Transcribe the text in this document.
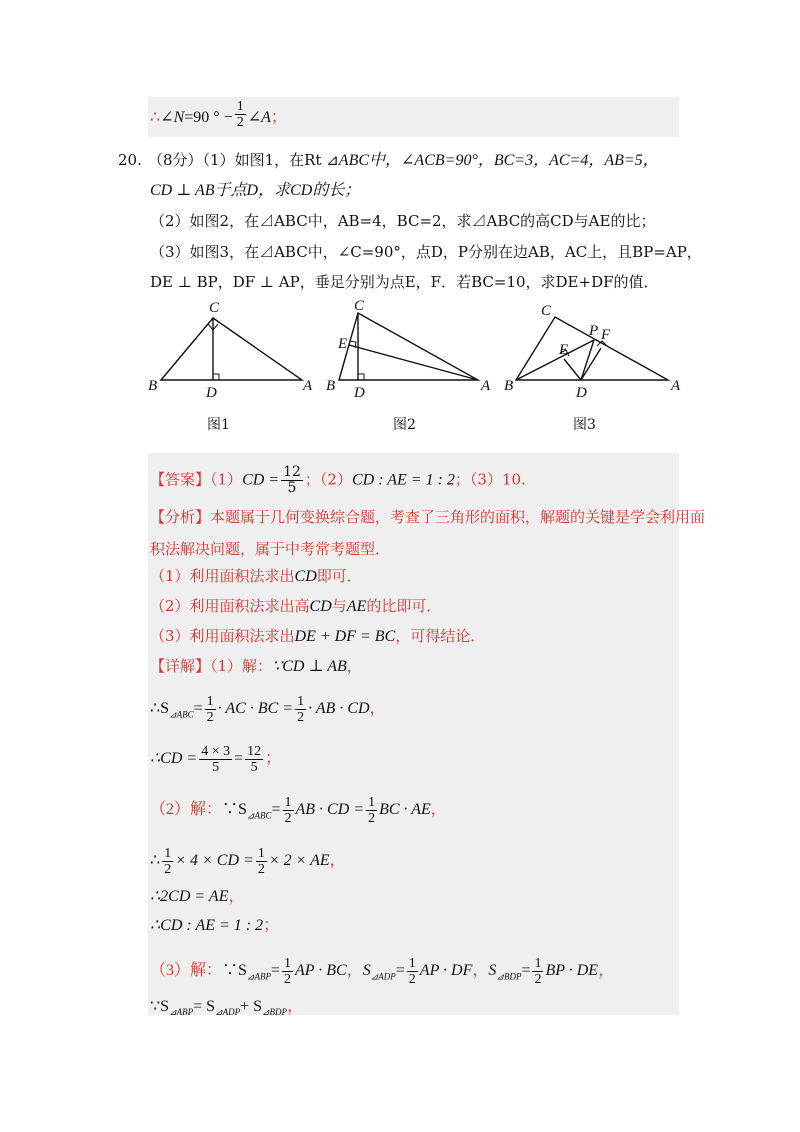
∴∠N=90 ° − $\frac{1}{2}$ ∠A；
20. （8分）（1）如图1，在Rt ⊿ABC中，∠ACB=90°，BC=3，AC=4，AB=5，
CD ⊥ AB于点D，求CD的长；
（2）如图2，在⊿ABC中，AB=4，BC=2，求⊿ABC的高CD与AE的比；
（3）如图3，在⊿ABC中，∠C=90°，点D，P分别在边AB，AC上，且BP=AP，
DE ⊥ BP，DF ⊥ AP，垂足分别为点E，F．若BC=10，求DE+DF的值．
C
B	D	A
C
E
B D	A
C
P F
E
B	D	A
图1	图2	图3
【答案】$(1)CD = \frac{12}{5}$ ；（2）CD : AE = 1 : 2；（3）10.
【分析】本题属于几何变换综合题，考查了三角形的面积，解题的关键是学会利用面
积法解决问题，属于中考常考题型．
（1）利用面积法求出CD即可．
（2）利用面积法求出高CD与AE的比即可．
（3）利用面积法求出DE + DF = BC，可得结论．
【详解】（1）解：∵CD ⊥ AB，
$\therefore S_{⊿ABC}= \frac{1}{2}$ · AC · BC = $\frac{1}{2}$ · AB · CD，
∴CD = $\frac{4 \times 3}{5} = \frac{12}{5}$ ；
（2）解：$\because S_{⊿ABC}= \frac{1}{2}$ AB · CD = $\frac{1}{2}$ BC · AE，
∴ $\frac{1}{2} \times 4$ × CD = $\frac{1}{2} \times 2$ × AE，
∴2CD = AE，
∴CD : AE = 1 : 2；
（3）解：$\because S_{⊿ABP}= \frac{1}{2}$ AP · BC，$S_{⊿ADP}= \frac{1}{2}$ AP · DF，$S_{⊿BDP}= \frac{1}{2}$ BP · DE，
$\because S_{⊿ABP}= S_{⊿ADP}+ S_{⊿BDP}$，
